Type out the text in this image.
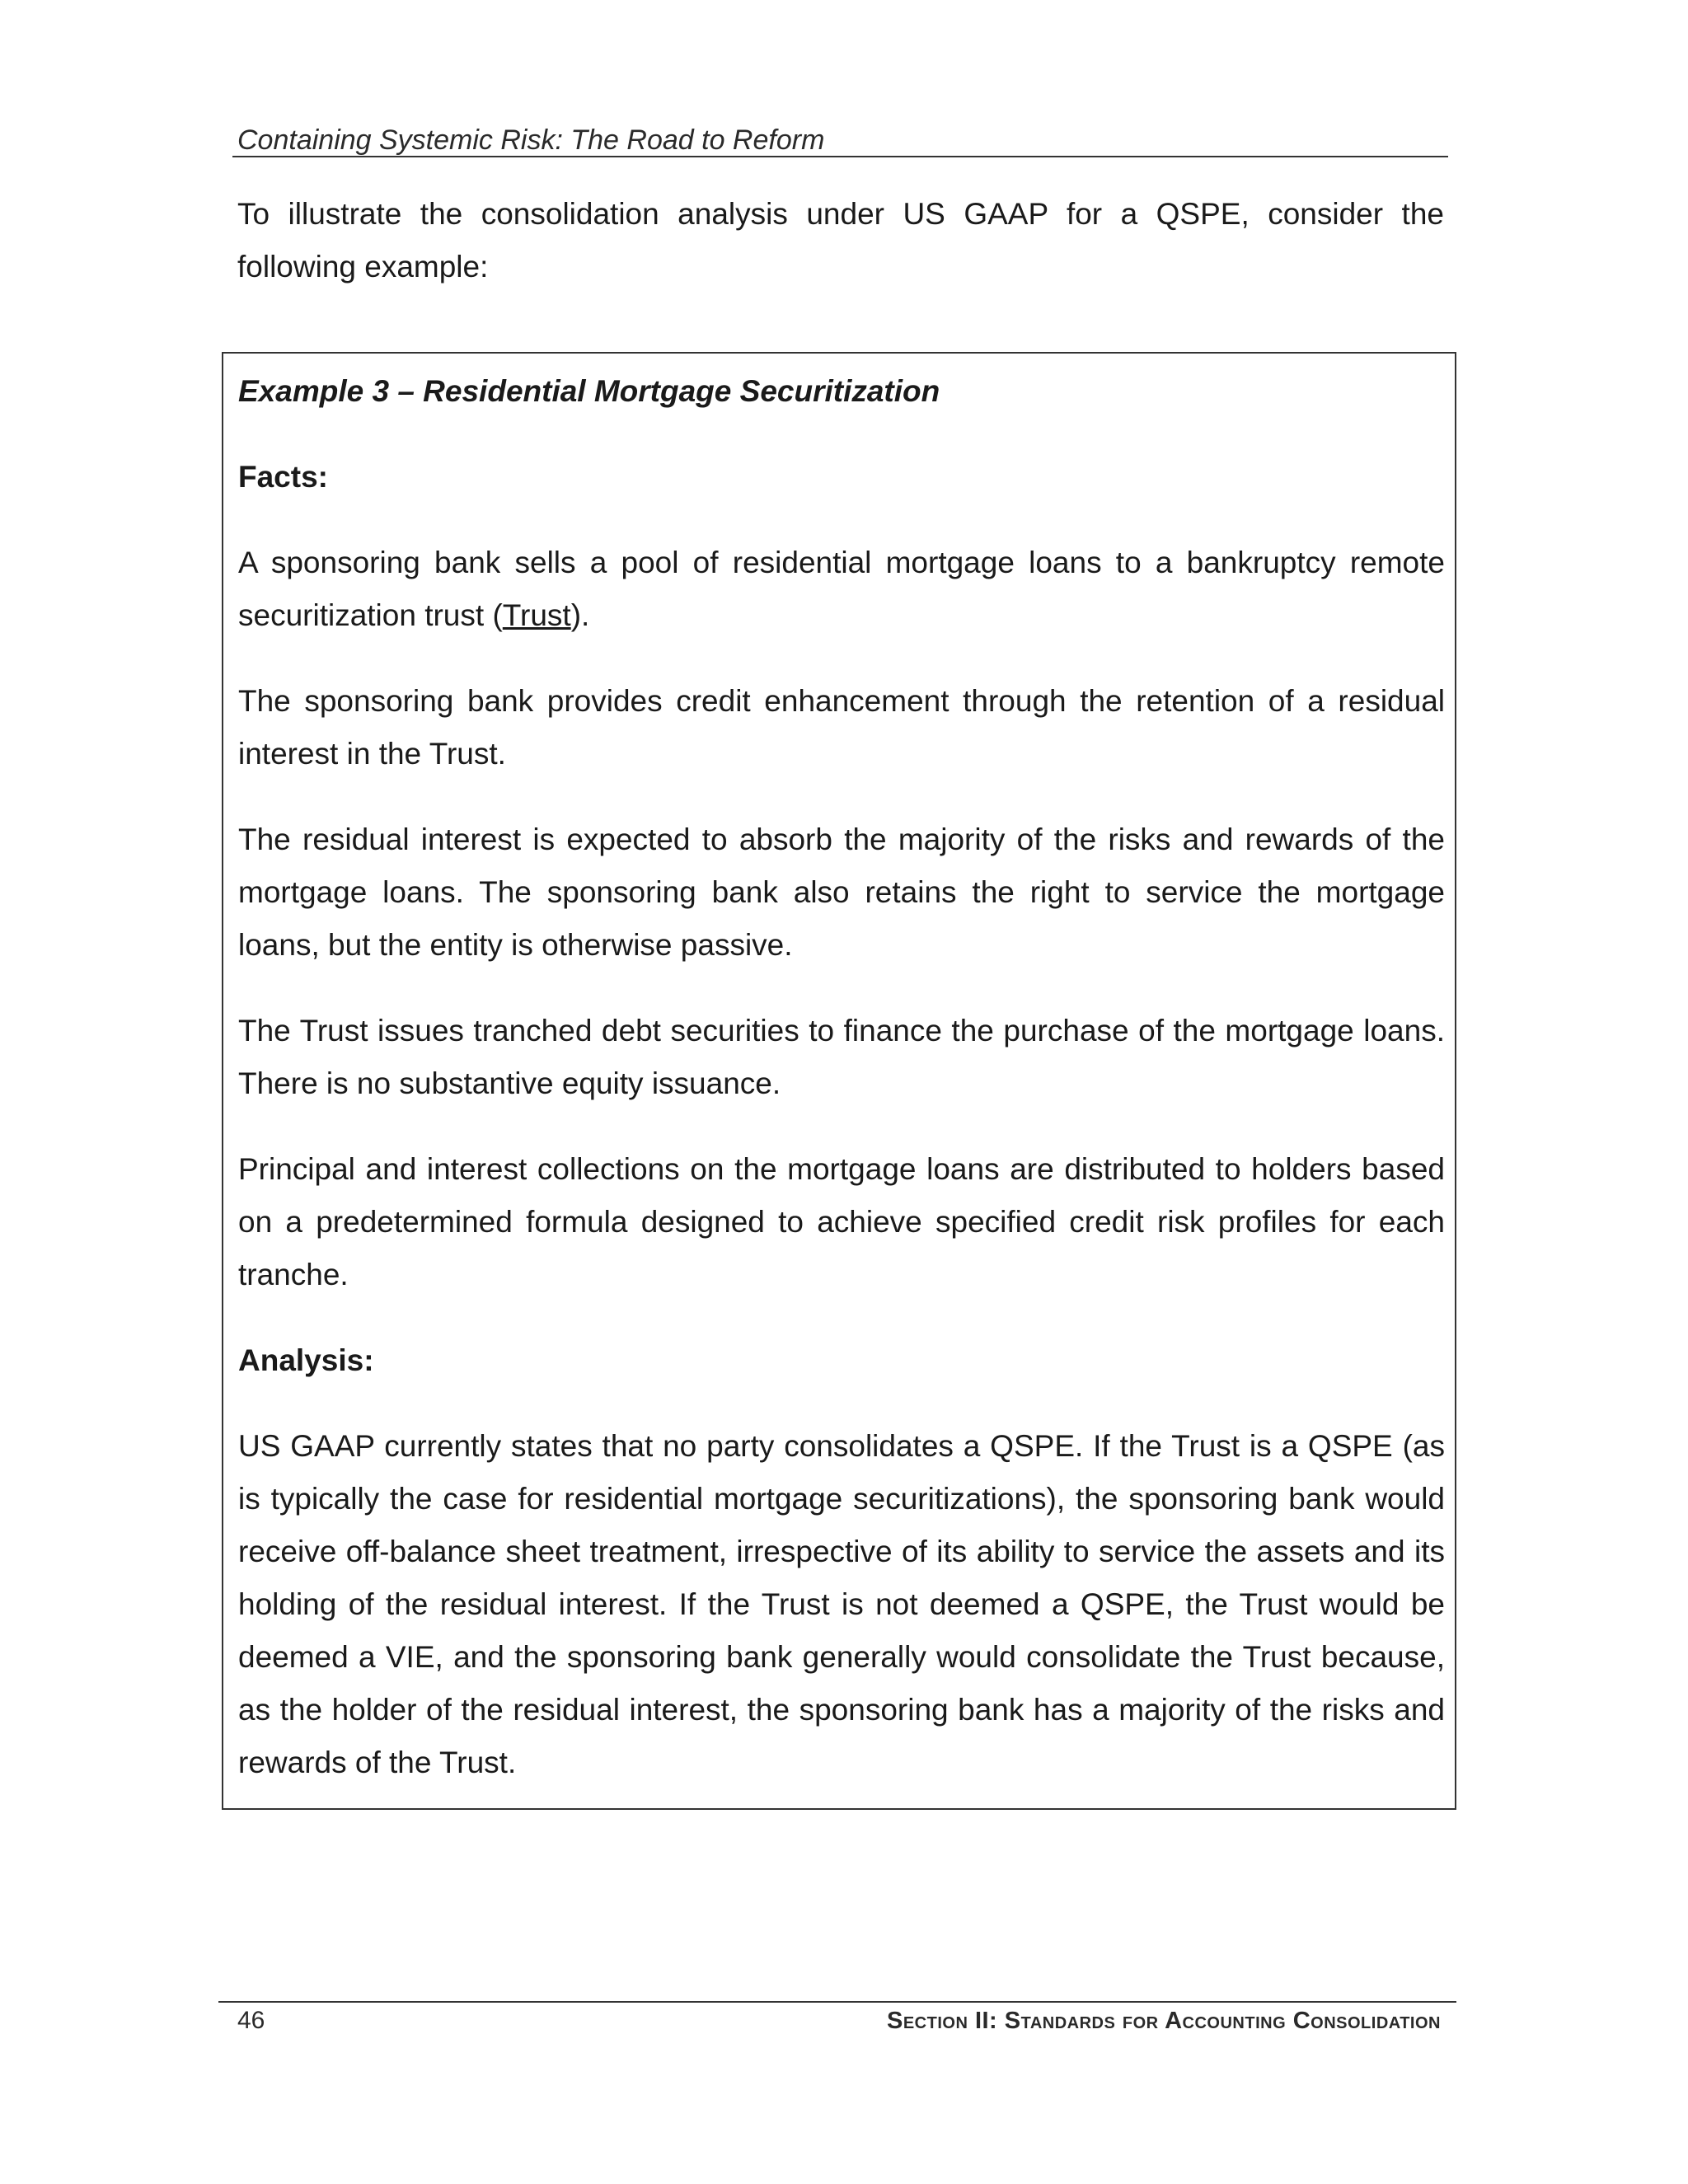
Containing Systemic Risk: The Road to Reform

To illustrate the consolidation analysis under US GAAP for a QSPE, consider the following example:

Example 3 – Residential Mortgage Securitization

Facts:

A sponsoring bank sells a pool of residential mortgage loans to a bankruptcy remote securitization trust (Trust).

The sponsoring bank provides credit enhancement through the retention of a residual interest in the Trust.

The residual interest is expected to absorb the majority of the risks and rewards of the mortgage loans. The sponsoring bank also retains the right to service the mortgage loans, but the entity is otherwise passive.

The Trust issues tranched debt securities to finance the purchase of the mortgage loans. There is no substantive equity issuance.

Principal and interest collections on the mortgage loans are distributed to holders based on a predetermined formula designed to achieve specified credit risk profiles for each tranche.

Analysis:

US GAAP currently states that no party consolidates a QSPE. If the Trust is a QSPE (as is typically the case for residential mortgage securitizations), the sponsoring bank would receive off-balance sheet treatment, irrespective of its ability to service the assets and its holding of the residual interest. If the Trust is not deemed a QSPE, the Trust would be deemed a VIE, and the sponsoring bank generally would consolidate the Trust because, as the holder of the residual interest, the sponsoring bank has a majority of the risks and rewards of the Trust.

46	Section II: Standards for Accounting Consolidation
